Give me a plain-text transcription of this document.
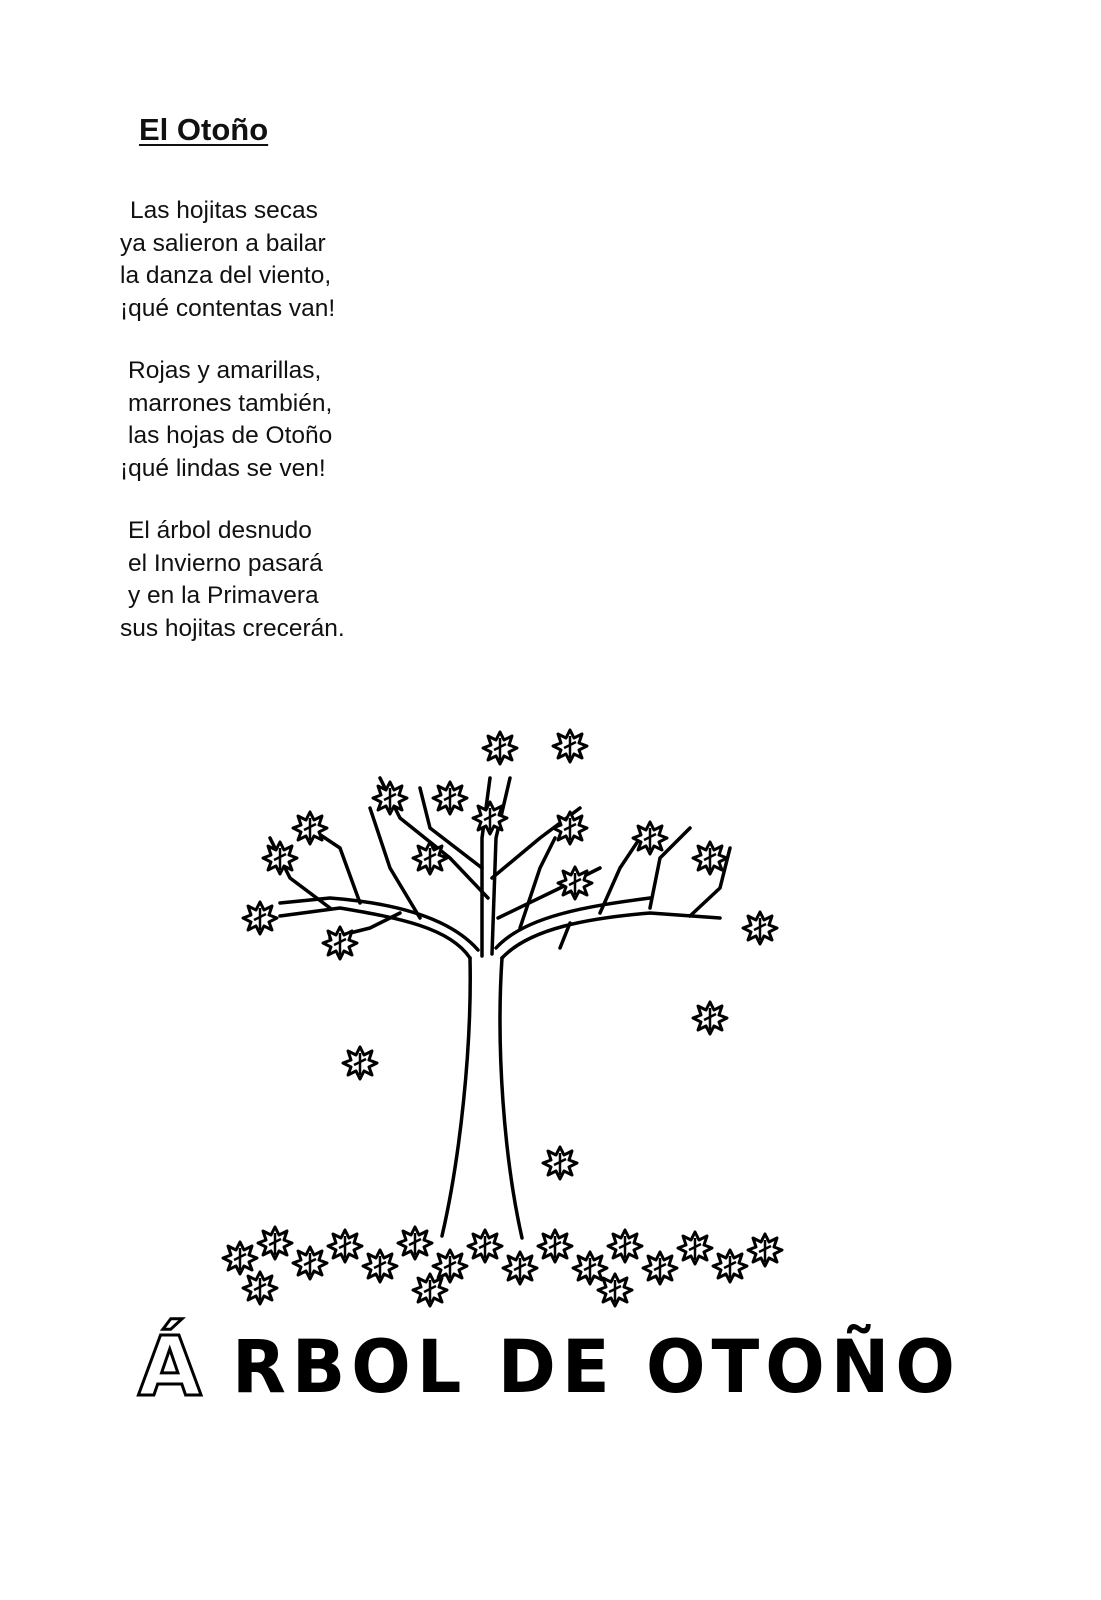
El Otoño
Las hojitas secas
ya salieron a bailar
la danza del viento,
¡qué contentas van!
Rojas y amarillas,
marrones también,
las hojas de Otoño
¡qué lindas se ven!
El árbol desnudo
el Invierno pasará
y en la Primavera
sus hojitas crecerán.
Á RBOL DE OTOÑO
